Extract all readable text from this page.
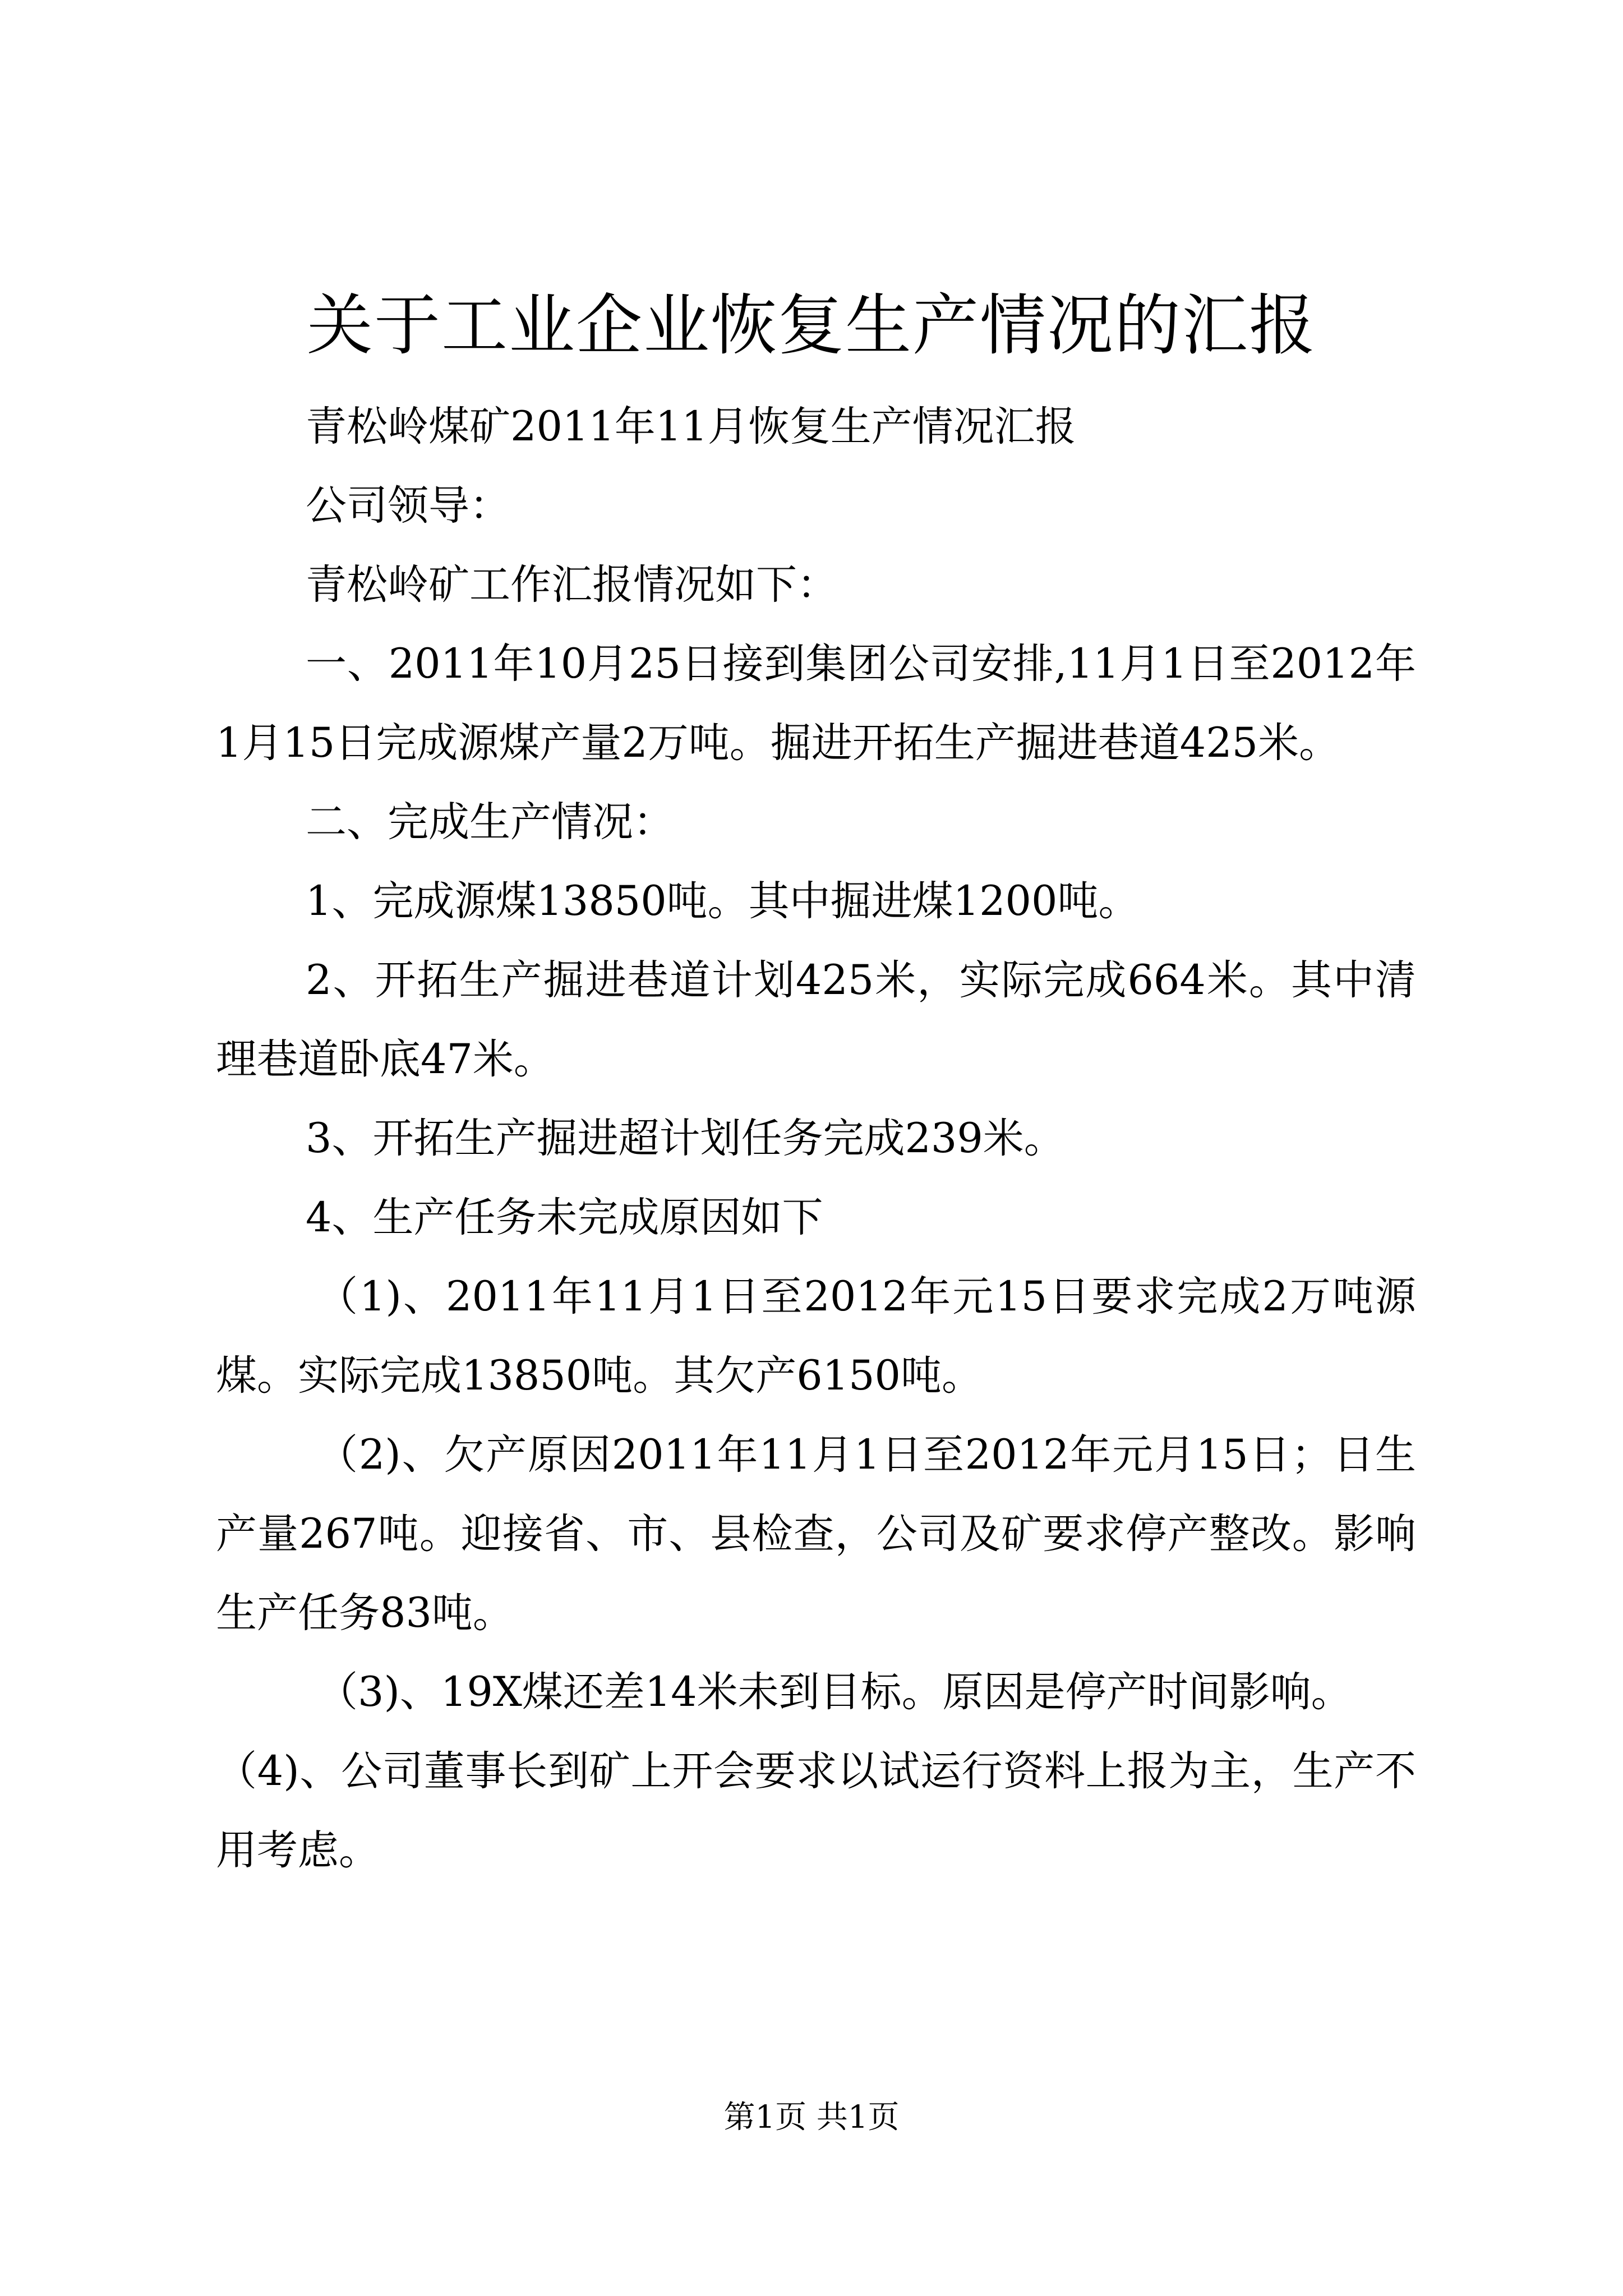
关于工业企业恢复生产情况的汇报

青松岭煤矿2011年11月恢复生产情况汇报

公司领导：

青松岭矿工作汇报情况如下：

一、2011年10月25日接到集团公司安排,11月1日至2012年1月15日完成源煤产量2万吨。掘进开拓生产掘进巷道425米。

二、完成生产情况：

1、完成源煤13850吨。其中掘进煤1200吨。

2、开拓生产掘进巷道计划425米，实际完成664米。其中清理巷道卧底47米。

3、开拓生产掘进超计划任务完成239米。

4、生产任务未完成原因如下

（1)、2011年11月1日至2012年元15日要求完成2万吨源煤。实际完成13850吨。其欠产6150吨。

（2)、欠产原因2011年11月1日至2012年元月15日；日生产量267吨。迎接省、市、县检查，公司及矿要求停产整改。影响生产任务83吨。

（3)、19X煤还差14米未到目标。原因是停产时间影响。

（4)、公司董事长到矿上开会要求以试运行资料上报为主，生产不用考虑。

第1页 共1页
